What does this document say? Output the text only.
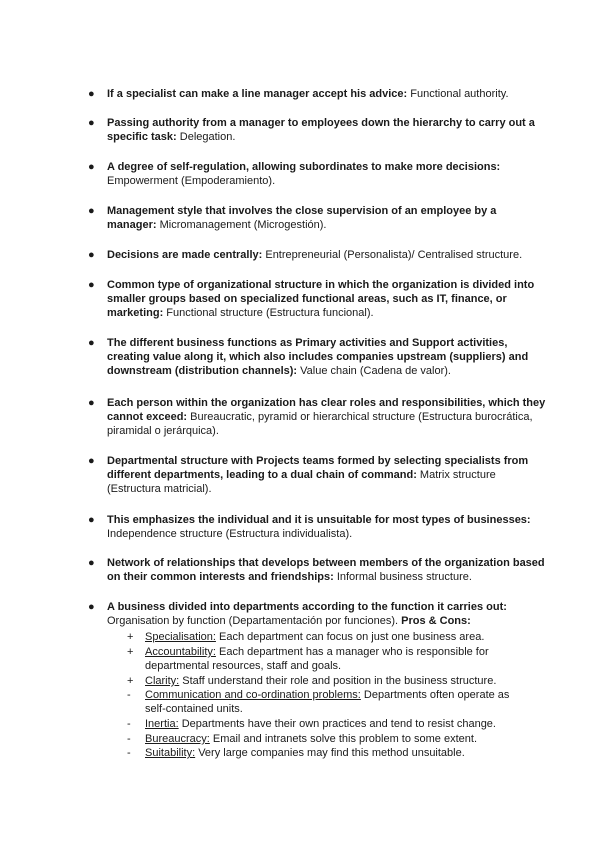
● If a specialist can make a line manager accept his advice: Functional authority.
● Passing authority from a manager to employees down the hierarchy to carry out a specific task: Delegation.
● A degree of self-regulation, allowing subordinates to make more decisions: Empowerment (Empoderamiento).
● Management style that involves the close supervision of an employee by a manager: Micromanagement (Microgestión).
● Decisions are made centrally: Entrepreneurial (Personalista)/ Centralised structure.
● Common type of organizational structure in which the organization is divided into smaller groups based on specialized functional areas, such as IT, finance, or marketing: Functional structure (Estructura funcional).
● The different business functions as Primary activities and Support activities, creating value along it, which also includes companies upstream (suppliers) and downstream (distribution channels): Value chain (Cadena de valor).
● Each person within the organization has clear roles and responsibilities, which they cannot exceed: Bureaucratic, pyramid or hierarchical structure (Estructura burocrática, piramidal o jerárquica).
● Departmental structure with Projects teams formed by selecting specialists from different departments, leading to a dual chain of command: Matrix structure (Estructura matricial).
● This emphasizes the individual and it is unsuitable for most types of businesses: Independence structure (Estructura individualista).
● Network of relationships that develops between members of the organization based on their common interests and friendships: Informal business structure.
● A business divided into departments according to the function it carries out: Organisation by function (Departamentación por funciones). Pros & Cons:
+	Specialisation: Each department can focus on just one business area.
+	Accountability: Each department has a manager who is responsible for departmental resources, staff and goals.
+	Clarity: Staff understand their role and position in the business structure.
-	Communication and co-ordination problems: Departments often operate as self-contained units.
-	Inertia: Departments have their own practices and tend to resist change.
-	Bureaucracy: Email and intranets solve this problem to some extent.
-	Suitability: Very large companies may find this method unsuitable.
